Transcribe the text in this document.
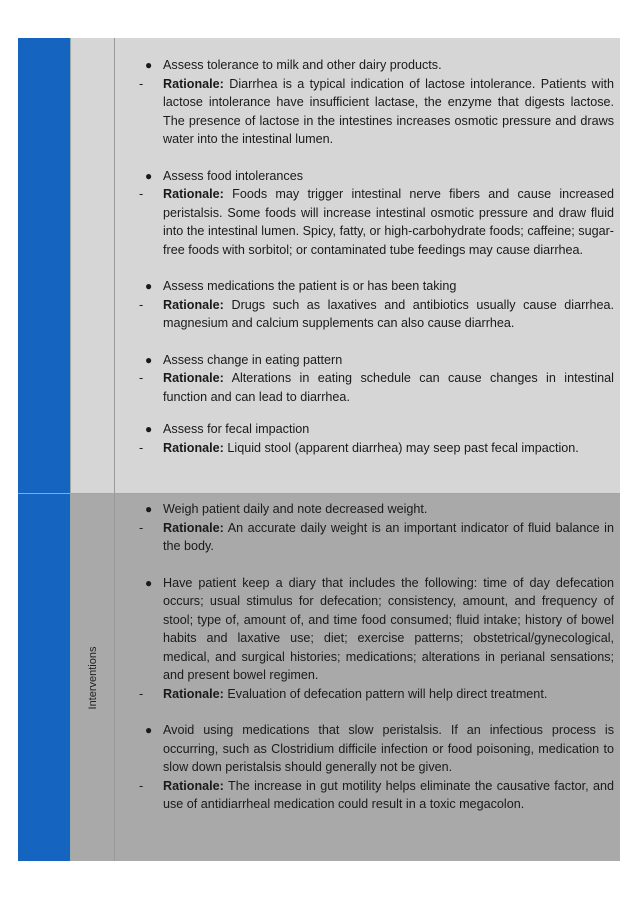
● Assess tolerance to milk and other dairy products.
- Rationale: Diarrhea is a typical indication of lactose intolerance. Patients with lactose intolerance have insufficient lactase, the enzyme that digests lactose. The presence of lactose in the intestines increases osmotic pressure and draws water into the intestinal lumen.
● Assess food intolerances
- Rationale: Foods may trigger intestinal nerve fibers and cause increased peristalsis. Some foods will increase intestinal osmotic pressure and draw fluid into the intestinal lumen. Spicy, fatty, or high-carbohydrate foods; caffeine; sugar-free foods with sorbitol; or contaminated tube feedings may cause diarrhea.
● Assess medications the patient is or has been taking
- Rationale: Drugs such as laxatives and antibiotics usually cause diarrhea. magnesium and calcium supplements can also cause diarrhea.
● Assess change in eating pattern
- Rationale: Alterations in eating schedule can cause changes in intestinal function and can lead to diarrhea.
● Assess for fecal impaction
- Rationale: Liquid stool (apparent diarrhea) may seep past fecal impaction.
Interventions
● Weigh patient daily and note decreased weight.
- Rationale: An accurate daily weight is an important indicator of fluid balance in the body.
● Have patient keep a diary that includes the following: time of day defecation occurs; usual stimulus for defecation; consistency, amount, and frequency of stool; type of, amount of, and time food consumed; fluid intake; history of bowel habits and laxative use; diet; exercise patterns; obstetrical/gynecological, medical, and surgical histories; medications; alterations in perianal sensations; and present bowel regimen.
- Rationale: Evaluation of defecation pattern will help direct treatment.
● Avoid using medications that slow peristalsis. If an infectious process is occurring, such as Clostridium difficile infection or food poisoning, medication to slow down peristalsis should generally not be given.
- Rationale: The increase in gut motility helps eliminate the causative factor, and use of antidiarrheal medication could result in a toxic megacolon.
